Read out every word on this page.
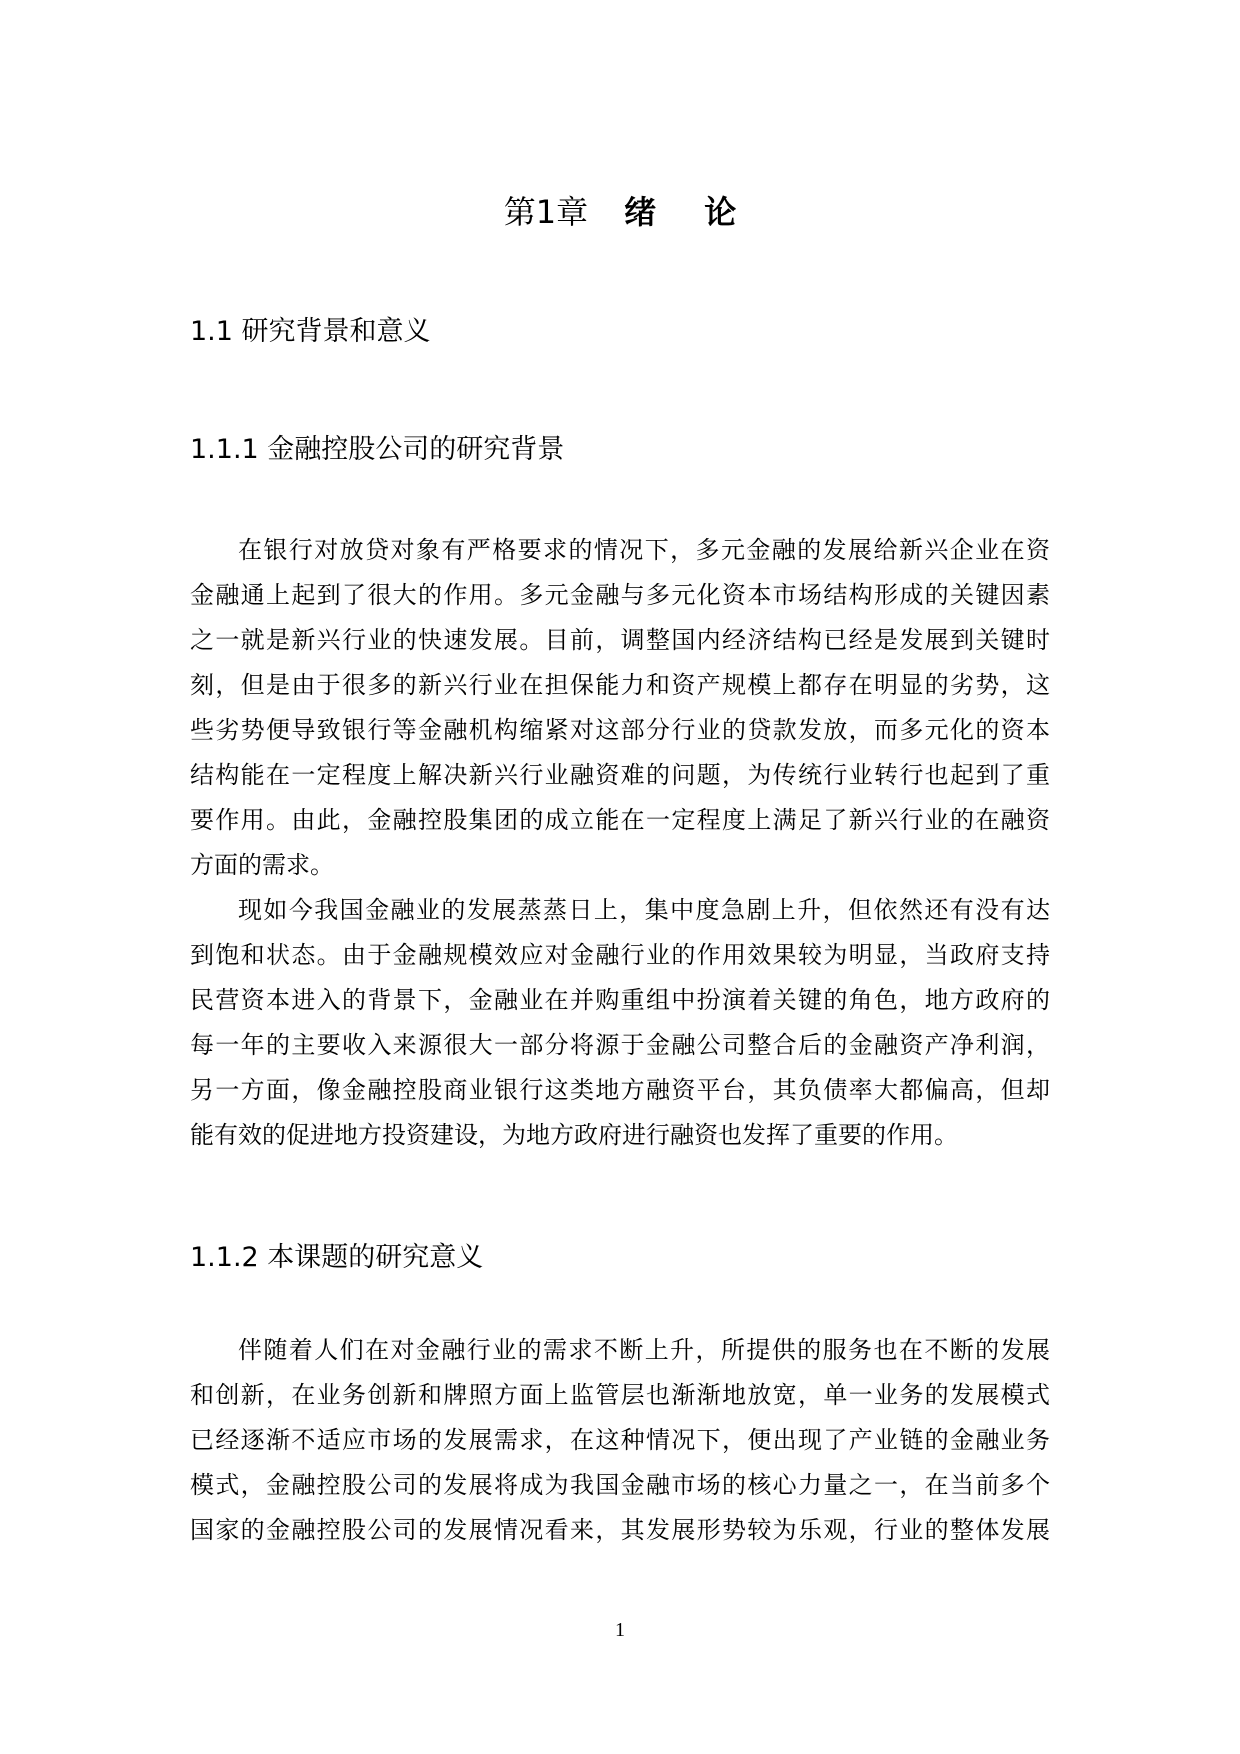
第1章 绪 论
1.1 研究背景和意义
1.1.1 金融控股公司的研究背景
在银行对放贷对象有严格要求的情况下，多元金融的发展给新兴企业在资
金融通上起到了很大的作用。多元金融与多元化资本市场结构形成的关键因素
之一就是新兴行业的快速发展。目前，调整国内经济结构已经是发展到关键时
刻，但是由于很多的新兴行业在担保能力和资产规模上都存在明显的劣势，这
些劣势便导致银行等金融机构缩紧对这部分行业的贷款发放，而多元化的资本
结构能在一定程度上解决新兴行业融资难的问题，为传统行业转行也起到了重
要作用。由此，金融控股集团的成立能在一定程度上满足了新兴行业的在融资
方面的需求。
现如今我国金融业的发展蒸蒸日上，集中度急剧上升，但依然还有没有达
到饱和状态。由于金融规模效应对金融行业的作用效果较为明显，当政府支持
民营资本进入的背景下，金融业在并购重组中扮演着关键的角色，地方政府的
每一年的主要收入来源很大一部分将源于金融公司整合后的金融资产净利润，
另一方面，像金融控股商业银行这类地方融资平台，其负债率大都偏高，但却
能有效的促进地方投资建设，为地方政府进行融资也发挥了重要的作用。
1.1.2 本课题的研究意义
伴随着人们在对金融行业的需求不断上升，所提供的服务也在不断的发展
和创新，在业务创新和牌照方面上监管层也渐渐地放宽，单一业务的发展模式
已经逐渐不适应市场的发展需求，在这种情况下，便出现了产业链的金融业务
模式，金融控股公司的发展将成为我国金融市场的核心力量之一，在当前多个
国家的金融控股公司的发展情况看来，其发展形势较为乐观，行业的整体发展
1
